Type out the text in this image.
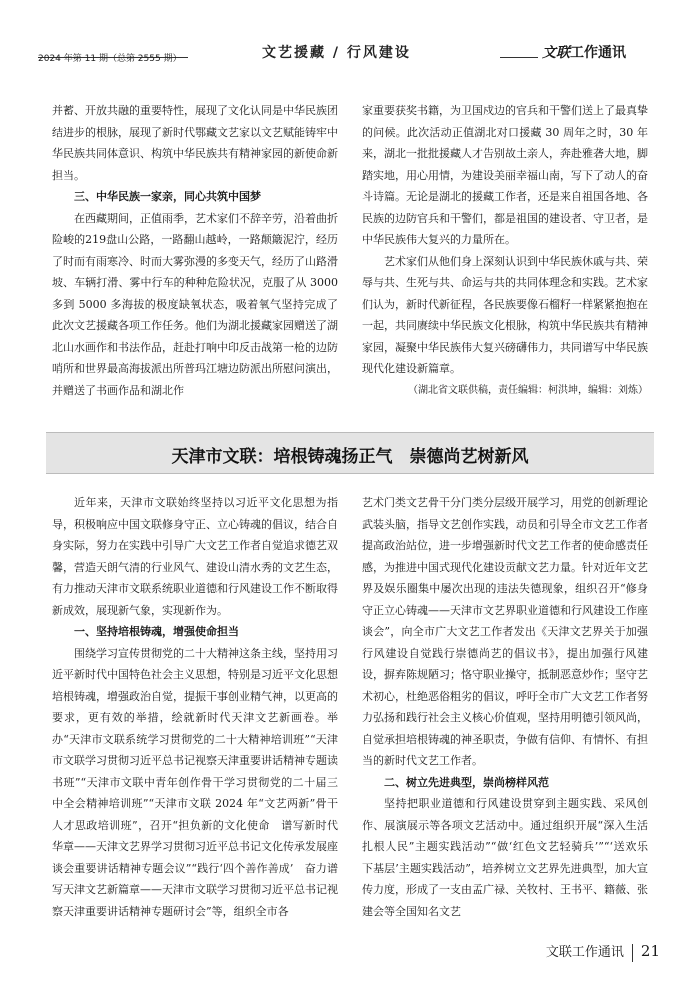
2024 年第 11 期（总第 2555 期）	文艺援藏 / 行风建设	文联工作通讯

并蓄、开放共融的重要特性，展现了文化认同是中华民族团结进步的根脉，展现了新时代鄂藏文艺家以文艺赋能铸牢中华民族共同体意识、构筑中华民族共有精神家园的新使命新担当。

三、中华民族一家亲，同心共筑中国梦

在西藏期间，正值雨季，艺术家们不辞辛劳，沿着曲折险峻的219盘山公路，一路翻山越岭，一路颠簸泥泞，经历了时而有雨寒冷、时而大雾弥漫的多变天气，经历了山路滑坡、车辆打滑、雾中行车的种种危险状况，克服了从 3000 多到 5000 多海拔的极度缺氧状态，吸着氧气坚持完成了此次文艺援藏各项工作任务。他们为湖北援藏家园赠送了湖北山水画作和书法作品，赶赴打响中印反击战第一枪的边防哨所和世界最高海拔派出所普玛江塘边防派出所慰问演出，并赠送了书画作品和湖北作

家重要获奖书籍，为卫国戍边的官兵和干警们送上了最真挚的问候。此次活动正值湖北对口援藏 30 周年之时，30 年来，湖北一批批援藏人才告别故土亲人，奔赴雅砻大地，脚踏实地，用心用情，为建设美丽幸福山南，写下了动人的奋斗诗篇。无论是湖北的援藏工作者，还是来自祖国各地、各民族的边防官兵和干警们，都是祖国的建设者、守卫者，是中华民族伟大复兴的力量所在。

艺术家们从他们身上深刻认识到中华民族休戚与共、荣辱与共、生死与共、命运与共的共同体理念和实践。艺术家们认为，新时代新征程，各民族要像石榴籽一样紧紧抱抱在一起，共同赓续中华民族文化根脉，构筑中华民族共有精神家园，凝聚中华民族伟大复兴磅礴伟力，共同谱写中华民族现代化建设新篇章。

（湖北省文联供稿，责任编辑：柯洪坤，编辑：刘炼）

天津市文联：培根铸魂扬正气　崇德尚艺树新风

近年来，天津市文联始终坚持以习近平文化思想为指导，积极响应中国文联修身守正、立心铸魂的倡议，结合自身实际，努力在实践中引导广大文艺工作者自觉追求德艺双馨，营造天朗气清的行业风气、建设山清水秀的文艺生态，有力推动天津市文联系统职业道德和行风建设工作不断取得新成效，展现新气象，实现新作为。

一、坚持培根铸魂，增强使命担当

围绕学习宣传贯彻党的二十大精神这条主线，坚持用习近平新时代中国特色社会主义思想，特别是习近平文化思想培根铸魂，增强政治自觉，提振干事创业精气神，以更高的要求，更有效的举措，绘就新时代天津文艺新画卷。举办“天津市文联系统学习贯彻党的二十大精神培训班”“天津市文联学习贯彻习近平总书记视察天津重要讲话精神专题读书班”“天津市文联中青年创作骨干学习贯彻党的二十届三中全会精神培训班”“天津市文联 2024 年“文艺两新”骨干人才思政培训班”，召开“担负新的文化使命　谱写新时代华章——天津文艺界学习贯彻习近平总书记文化传承发展座谈会重要讲话精神专题会议”“践行‘四个善作善成’　奋力谱写天津文艺新篇章——天津市文联学习贯彻习近平总书记视察天津重要讲话精神专题研讨会”等，组织全市各

艺术门类文艺骨干分门类分层级开展学习，用党的创新理论武装头脑，指导文艺创作实践，动员和引导全市文艺工作者提高政治站位，进一步增强新时代文艺工作者的使命感责任感，为推进中国式现代化建设贡献文艺力量。针对近年文艺界及娱乐圈集中屡次出现的违法失德现象，组织召开“修身守正立心铸魂——天津市文艺界职业道德和行风建设工作座谈会”，向全市广大文艺工作者发出《天津文艺界关于加强行风建设自觉践行崇德尚艺的倡议书》，提出加强行风建设，摒弃陈规陋习；恪守职业操守，抵制恶意炒作；坚守艺术初心，杜绝恶俗粗劣的倡议，呼吁全市广大文艺工作者努力弘扬和践行社会主义核心价值观，坚持用明德引领风尚，自觉承担培根铸魂的神圣职责，争做有信仰、有情怀、有担当的新时代文艺工作者。

二、树立先进典型，崇尚榜样风范

坚持把职业道德和行风建设贯穿到主题实践、采风创作、展演展示等各项文艺活动中。通过组织开展“深入生活　扎根人民”主题实践活动”“做‘红色文艺轻骑兵’”“‘送欢乐　下基层’主题实践活动”，培养树立文艺界先进典型，加大宣传力度，形成了一支由孟广禄、关牧村、王书平、籍薇、张建会等全国知名文艺

文联工作通讯 21
